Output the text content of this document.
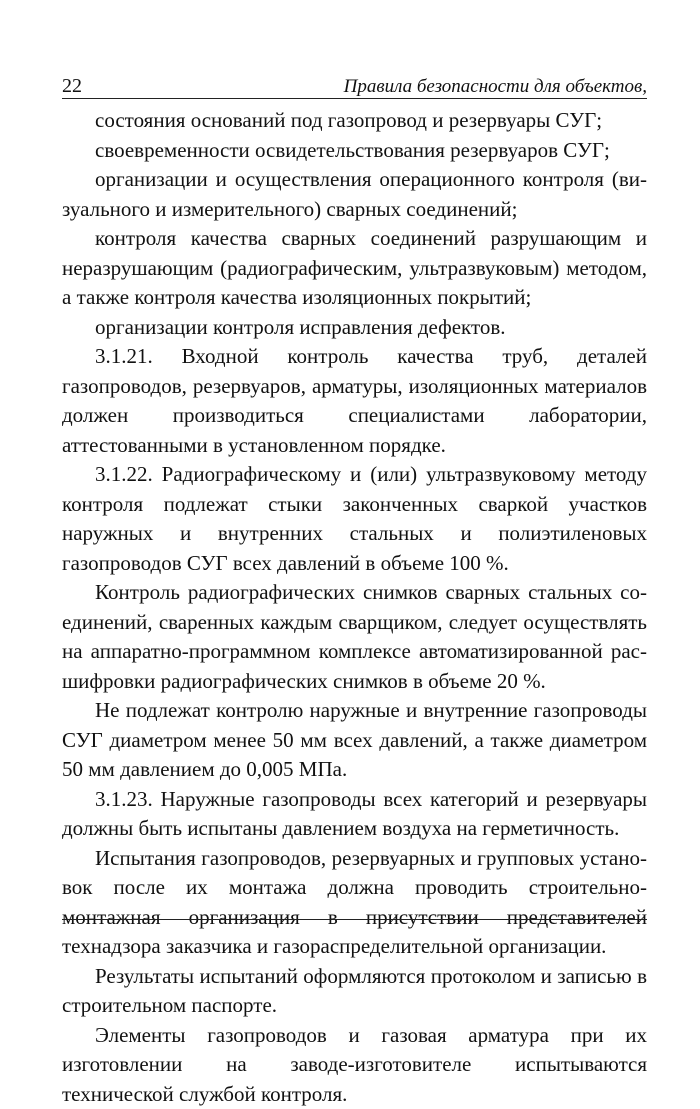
22	Правила безопасности для объектов,

состояния оснований под газопровод и резервуары СУГ;

своевременности освидетельствования резервуаров СУГ;

организации и осуществления операционного контроля (визуального и измерительного) сварных соединений;

контроля качества сварных соединений разрушающим и неразрушающим (радиографическим, ультразвуковым) методом, а также контроля качества изоляционных покрытий;

организации контроля исправления дефектов.

3.1.21. Входной контроль качества труб, деталей газопроводов, резервуаров, арматуры, изоляционных материалов должен производиться специалистами лаборатории, аттестованными в установленном порядке.

3.1.22. Радиографическому и (или) ультразвуковому методу контроля подлежат стыки законченных сваркой участков наружных и внутренних стальных и полиэтиленовых газопроводов СУГ всех давлений в объеме 100 %.

Контроль радиографических снимков сварных стальных соединений, сваренных каждым сварщиком, следует осуществлять на аппаратно-программном комплексе автоматизированной расшифровки радиографических снимков в объеме 20 %.

Не подлежат контролю наружные и внутренние газопроводы СУГ диаметром менее 50 мм всех давлений, а также диаметром 50 мм давлением до 0,005 МПа.

3.1.23. Наружные газопроводы всех категорий и резервуары должны быть испытаны давлением воздуха на герметичность.

Испытания газопроводов, резервуарных и групповых установок после их монтажа должна проводить строительно-монтажная организация в присутствии представителей технадзора заказчика и газораспределительной организации.

Результаты испытаний оформляются протоколом и записью в строительном паспорте.

Элементы газопроводов и газовая арматура при их изготовлении на заводе-изготовителе испытываются технической службой контроля.
